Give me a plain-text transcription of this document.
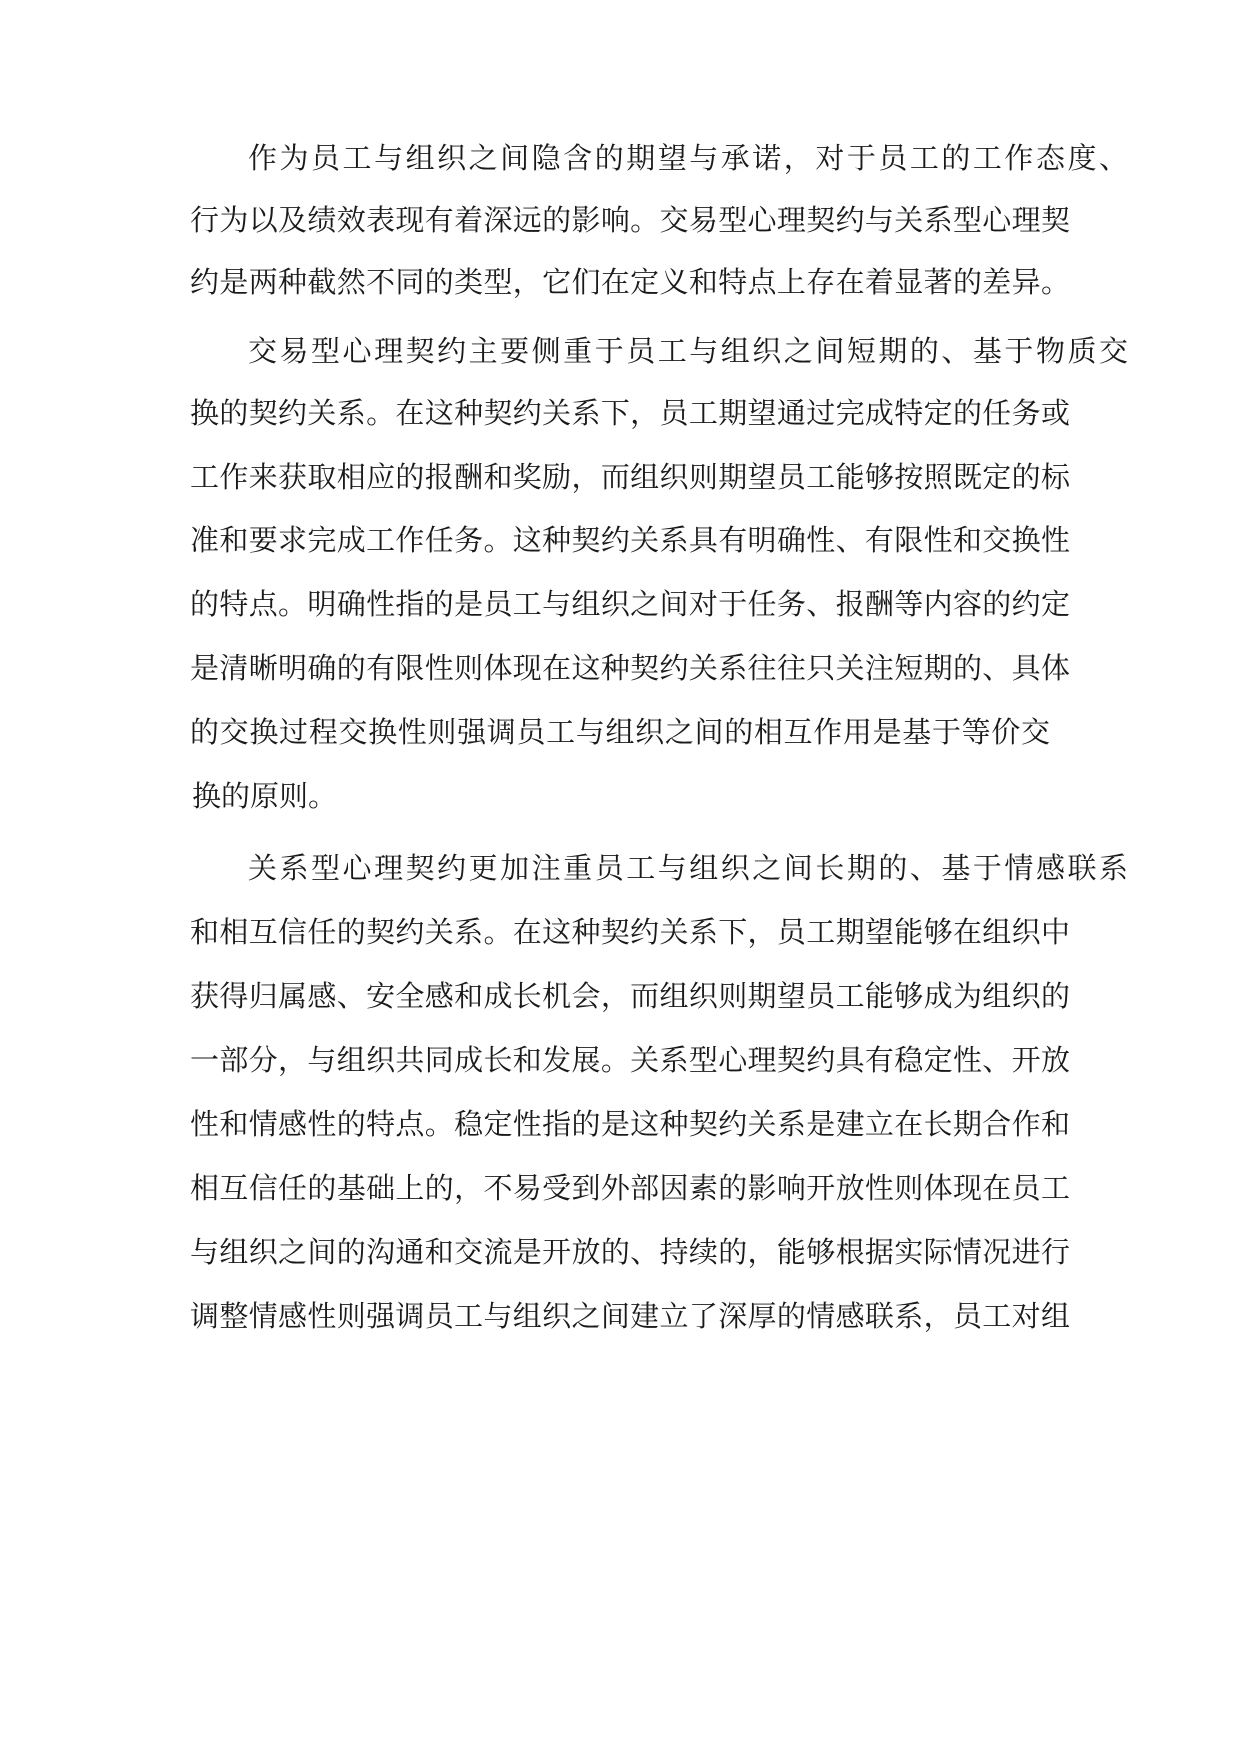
作为员工与组织之间隐含的期望与承诺，对于员工的工作态度、
行为以及绩效表现有着深远的影响。交易型心理契约与关系型心理契
约是两种截然不同的类型，它们在定义和特点上存在着显著的差异。
交易型心理契约主要侧重于员工与组织之间短期的、基于物质交
换的契约关系。在这种契约关系下，员工期望通过完成特定的任务或
工作来获取相应的报酬和奖励，而组织则期望员工能够按照既定的标
准和要求完成工作任务。这种契约关系具有明确性、有限性和交换性
的特点。明确性指的是员工与组织之间对于任务、报酬等内容的约定
是清晰明确的有限性则体现在这种契约关系往往只关注短期的、具体
的交换过程交换性则强调员工与组织之间的相互作用是基于等价交
换的原则。
关系型心理契约更加注重员工与组织之间长期的、基于情感联系
和相互信任的契约关系。在这种契约关系下，员工期望能够在组织中
获得归属感、安全感和成长机会，而组织则期望员工能够成为组织的
一部分，与组织共同成长和发展。关系型心理契约具有稳定性、开放
性和情感性的特点。稳定性指的是这种契约关系是建立在长期合作和
相互信任的基础上的，不易受到外部因素的影响开放性则体现在员工
与组织之间的沟通和交流是开放的、持续的，能够根据实际情况进行
调整情感性则强调员工与组织之间建立了深厚的情感联系，员工对组
